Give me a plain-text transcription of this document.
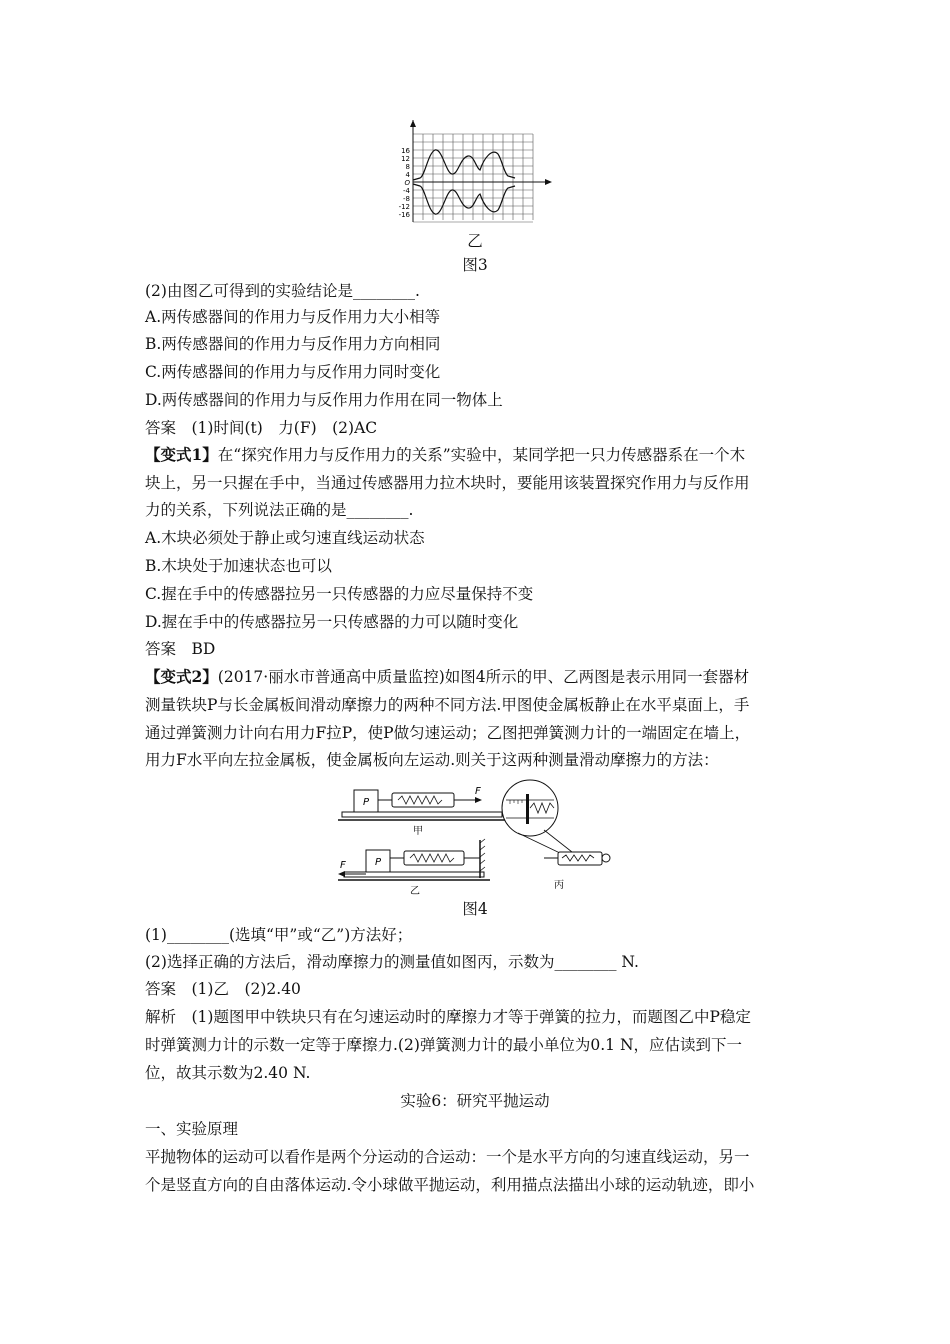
16
12
8
4
O
-4
-8
-12
-16
乙
图3
(2)由图乙可得到的实验结论是________.
A.两传感器间的作用力与反作用力大小相等
B.两传感器间的作用力与反作用力方向相同
C.两传感器间的作用力与反作用力同时变化
D.两传感器间的作用力与反作用力作用在同一物体上
答案　(1)时间(t)　力(F)　(2)AC
【变式1】在“探究作用力与反作用力的关系”实验中，某同学把一只力传感器系在一个木
块上，另一只握在手中，当通过传感器用力拉木块时，要能用该装置探究作用力与反作用
力的关系，下列说法正确的是________.
A.木块必须处于静止或匀速直线运动状态
B.木块处于加速状态也可以
C.握在手中的传感器拉另一只传感器的力应尽量保持不变
D.握在手中的传感器拉另一只传感器的力可以随时变化
答案　BD
【变式2】(2017·丽水市普通高中质量监控)如图4所示的甲、乙两图是表示用同一套器材
测量铁块P与长金属板间滑动摩擦力的两种不同方法.甲图使金属板静止在水平桌面上，手
通过弹簧测力计向右用力F拉P，使P做匀速运动；乙图把弹簧测力计的一端固定在墙上，
用力F水平向左拉金属板，使金属板向左运动.则关于这两种测量滑动摩擦力的方法：
P
F
甲
P
F
乙
丙
图4
(1)________(选填“甲”或“乙”)方法好；
(2)选择正确的方法后，滑动摩擦力的测量值如图丙，示数为________ N.
答案　(1)乙　(2)2.40
解析　(1)题图甲中铁块只有在匀速运动时的摩擦力才等于弹簧的拉力，而题图乙中P稳定
时弹簧测力计的示数一定等于摩擦力.(2)弹簧测力计的最小单位为0.1 N，应估读到下一
位，故其示数为2.40 N.
实验6：研究平抛运动
一、实验原理
平抛物体的运动可以看作是两个分运动的合运动：一个是水平方向的匀速直线运动，另一
个是竖直方向的自由落体运动.令小球做平抛运动，利用描点法描出小球的运动轨迹，即小
